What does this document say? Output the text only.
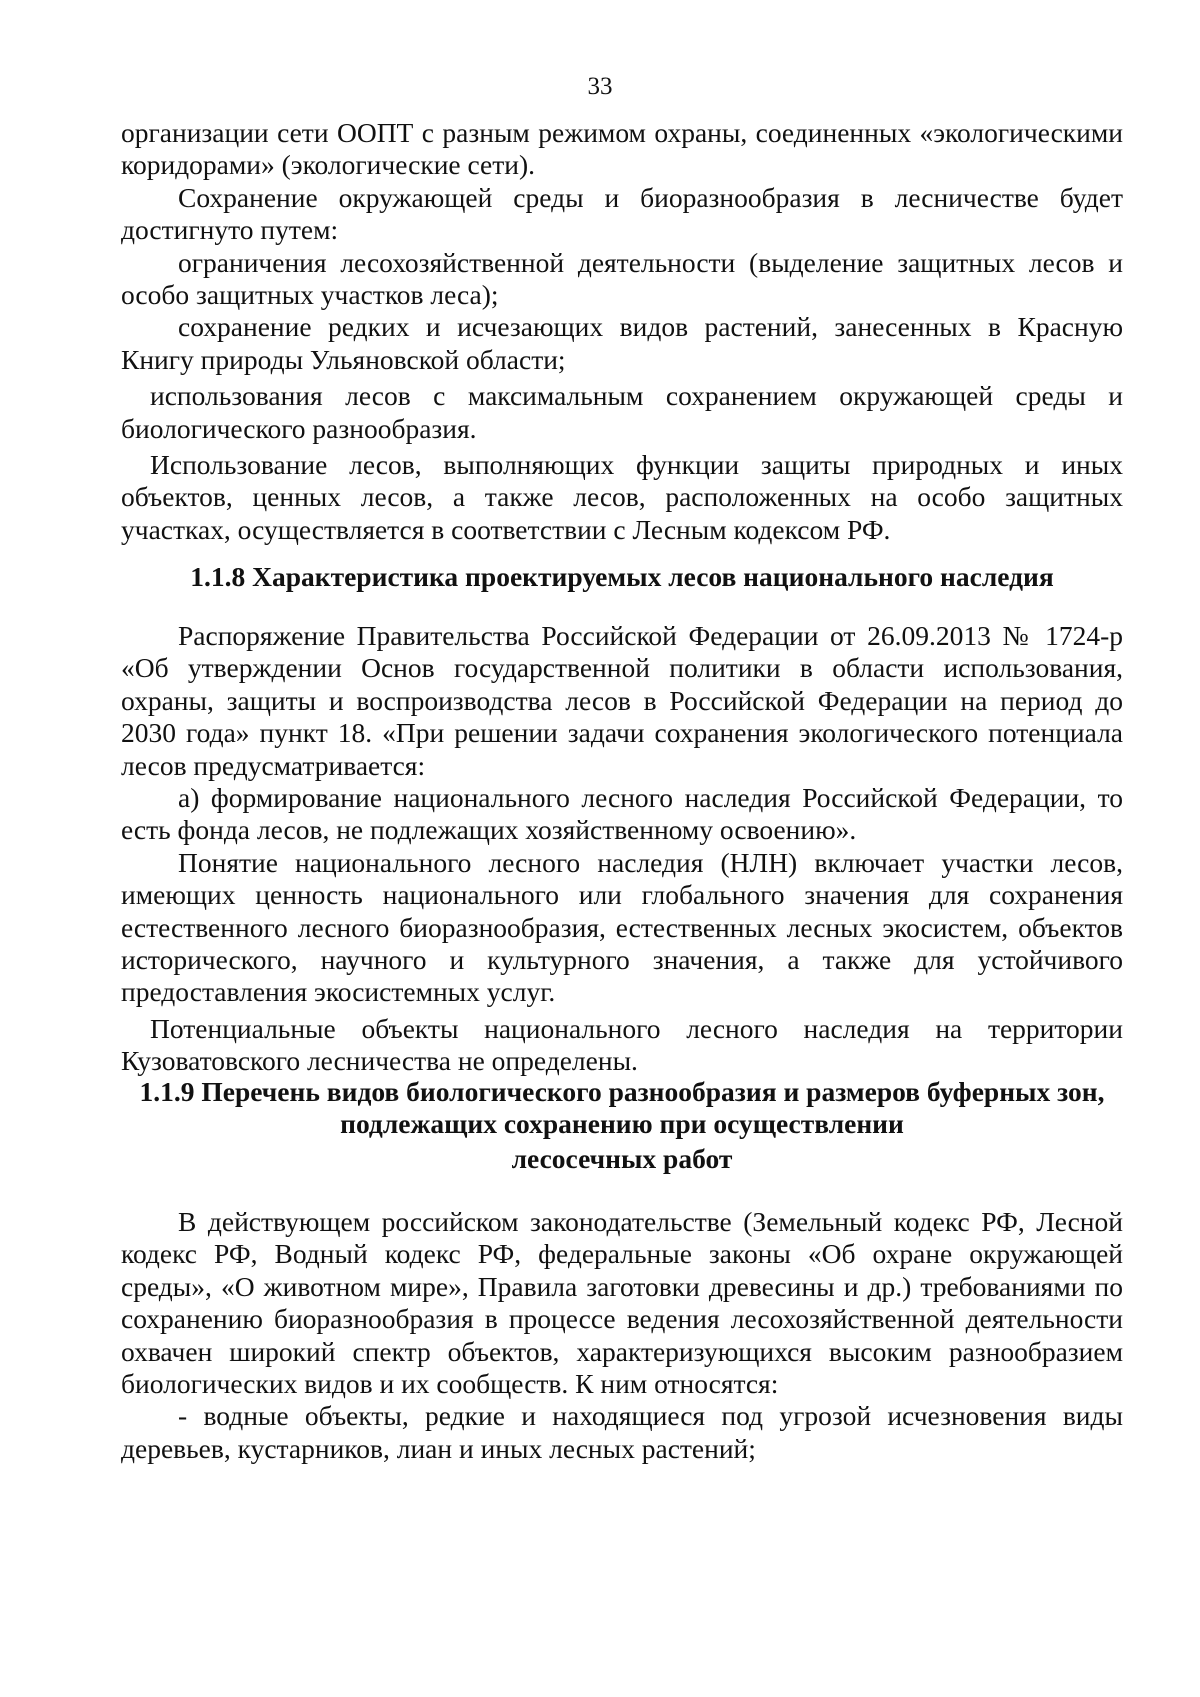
33

организации сети ООПТ с разным режимом охраны, соединенных «экологическими коридорами» (экологические сети).

Сохранение окружающей среды и биоразнообразия в лесничестве будет достигнуто путем:

ограничения лесохозяйственной деятельности (выделение защитных лесов и особо защитных участков леса);

сохранение редких и исчезающих видов растений, занесенных в Красную Книгу природы Ульяновской области;

использования лесов с максимальным сохранением окружающей среды и биологического разнообразия.

Использование лесов, выполняющих функции защиты природных и иных объектов, ценных лесов, а также лесов, расположенных на особо защитных участках, осуществляется в соответствии с Лесным кодексом РФ.

1.1.8 Характеристика проектируемых лесов национального наследия

Распоряжение Правительства Российской Федерации от 26.09.2013 № 1724-р «Об утверждении Основ государственной политики в области использования, охраны, защиты и воспроизводства лесов в Российской Федерации на период до 2030 года» пункт 18. «При решении задачи сохранения экологического потенциала лесов предусматривается:

а) формирование национального лесного наследия Российской Федерации, то есть фонда лесов, не подлежащих хозяйственному освоению».

Понятие национального лесного наследия (НЛН) включает участки лесов, имеющих ценность национального или глобального значения для сохранения естественного лесного биоразнообразия, естественных лесных экосистем, объектов исторического, научного и культурного значения, а также для устойчивого предоставления экосистемных услуг.

Потенциальные объекты национального лесного наследия на территории Кузоватовского лесничества не определены.

1.1.9 Перечень видов биологического разнообразия и размеров буферных зон,
подлежащих сохранению при осуществлении
лесосечных работ

В действующем российском законодательстве (Земельный кодекс РФ, Лесной кодекс РФ, Водный кодекс РФ, федеральные законы «Об охране окружающей среды», «О животном мире», Правила заготовки древесины и др.) требованиями по сохранению биоразнообразия в процессе ведения лесохозяйственной деятельности охвачен широкий спектр объектов, характеризующихся высоким разнообразием биологических видов и их сообществ. К ним относятся:

- водные объекты, редкие и находящиеся под угрозой исчезновения виды деревьев, кустарников, лиан и иных лесных растений;
